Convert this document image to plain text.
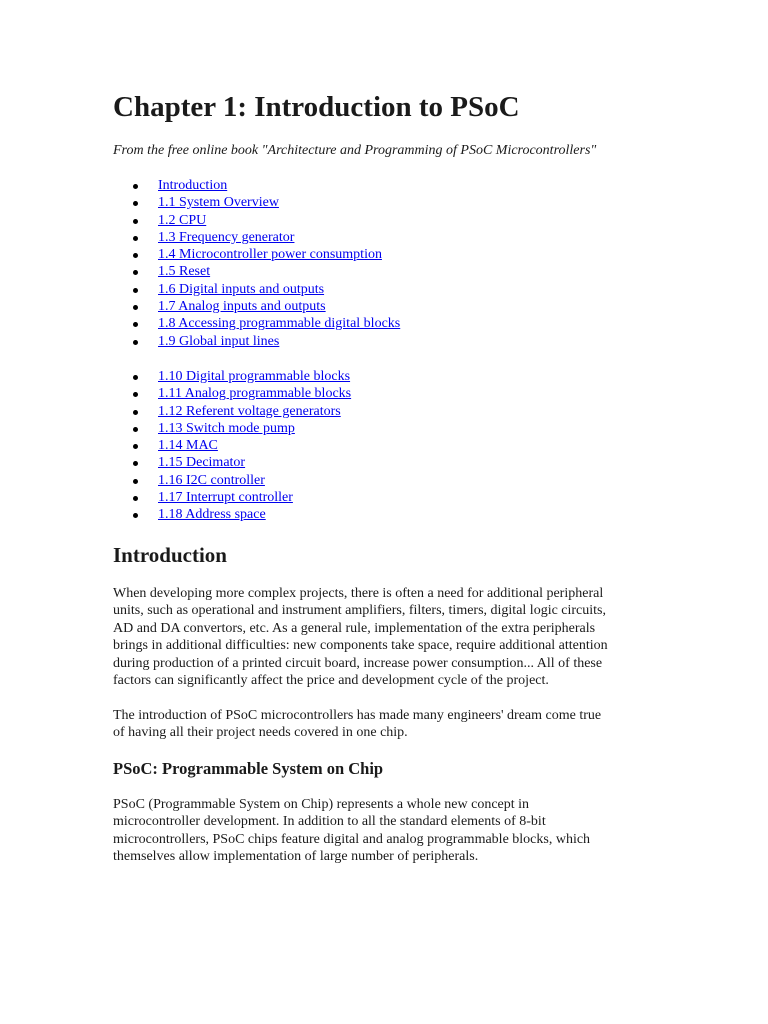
Chapter 1: Introduction to PSoC

From the free online book "Architecture and Programming of PSoC Microcontrollers"

Introduction
1.1 System Overview
1.2 CPU
1.3 Frequency generator
1.4 Microcontroller power consumption
1.5 Reset
1.6 Digital inputs and outputs
1.7 Analog inputs and outputs
1.8 Accessing programmable digital blocks
1.9 Global input lines
1.10 Digital programmable blocks
1.11 Analog programmable blocks
1.12 Referent voltage generators
1.13 Switch mode pump
1.14 MAC
1.15 Decimator
1.16 I2C controller
1.17 Interrupt controller
1.18 Address space
Introduction

When developing more complex projects, there is often a need for additional peripheral
units, such as operational and instrument amplifiers, filters, timers, digital logic circuits,
AD and DA convertors, etc. As a general rule, implementation of the extra peripherals
brings in additional difficulties: new components take space, require additional attention
during production of a printed circuit board, increase power consumption... All of these
factors can significantly affect the price and development cycle of the project.

The introduction of PSoC microcontrollers has made many engineers' dream come true
of having all their project needs covered in one chip.

PSoC: Programmable System on Chip

PSoC (Programmable System on Chip) represents a whole new concept in
microcontroller development. In addition to all the standard elements of 8-bit
microcontrollers, PSoC chips feature digital and analog programmable blocks, which
themselves allow implementation of large number of peripherals.
